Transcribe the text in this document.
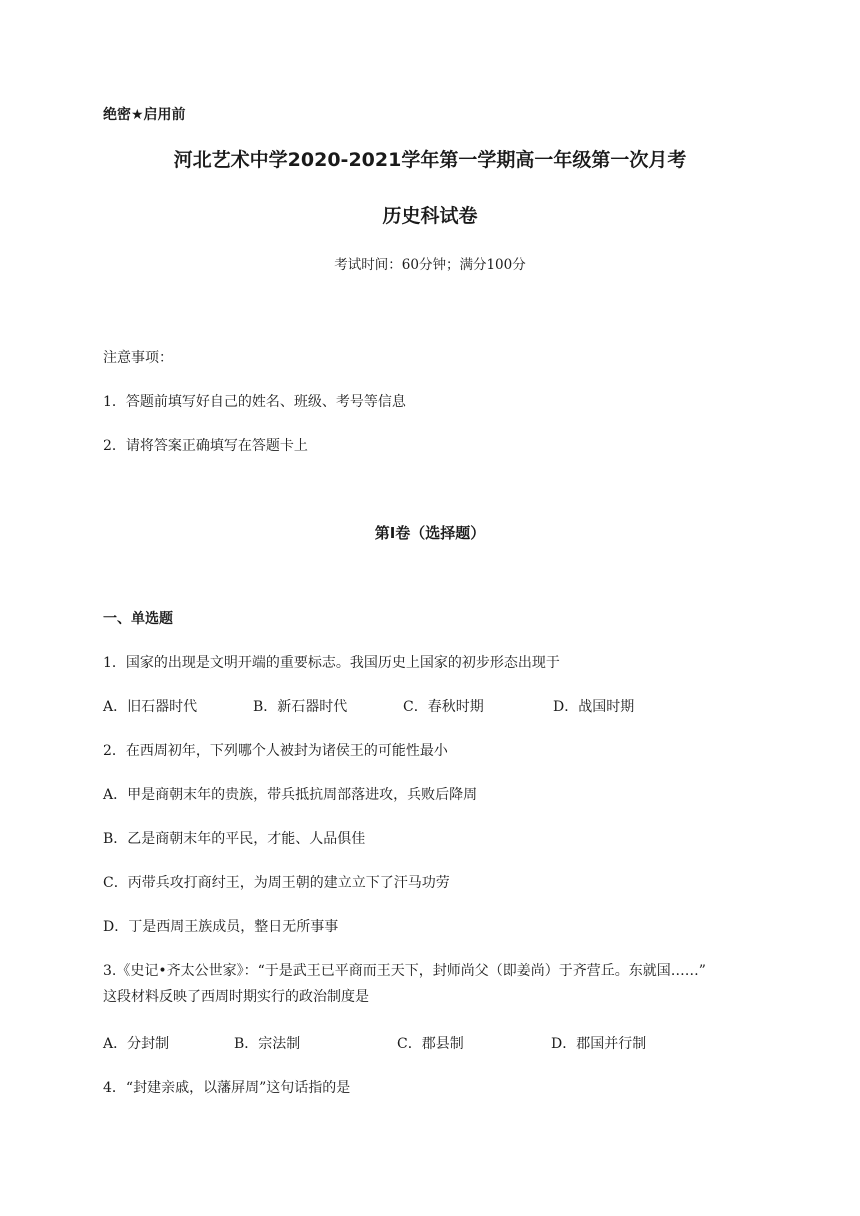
绝密★启用前
河北艺术中学2020-2021学年第一学期高一年级第一次月考
历史科试卷
考试时间：60分钟；满分100分
注意事项：
1．答题前填写好自己的姓名、班级、考号等信息
2．请将答案正确填写在答题卡上
第I卷（选择题）
一、单选题
1．国家的出现是文明开端的重要标志。我国历史上国家的初步形态出现于
A．旧石器时代	B．新石器时代	C．春秋时期	D．战国时期
2．在西周初年，下列哪个人被封为诸侯王的可能性最小
A．甲是商朝末年的贵族，带兵抵抗周部落进攻，兵败后降周
B．乙是商朝末年的平民，才能、人品俱佳
C．丙带兵攻打商纣王，为周王朝的建立立下了汗马功劳
D．丁是西周王族成员，整日无所事事
3.《史记•齐太公世家》：“于是武王已平商而王天下，封师尚父（即姜尚）于齐营丘。东就国……”
这段材料反映了西周时期实行的政治制度是
A．分封制	B．宗法制	C．郡县制	D．郡国并行制
4．“封建亲戚，以藩屏周”这句话指的是
